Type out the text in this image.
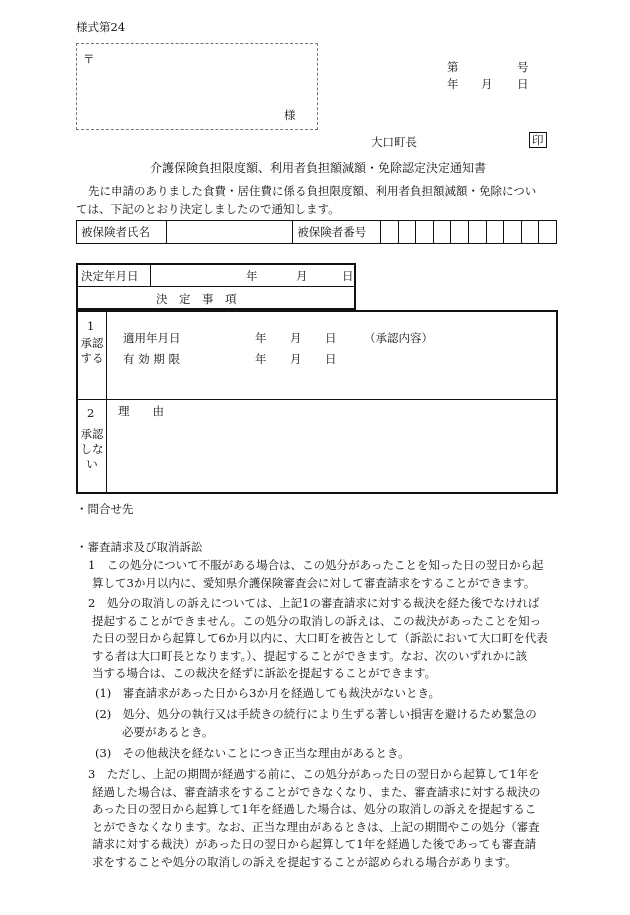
様式第24
〒
様
第	号
年 月 日
大口町長	印
介護保険負担限度額、利用者負担額減額・免除認定決定通知書
先に申請のありました食費・居住費に係る負担限度額、利用者負担額減額・免除につい
ては、下記のとおり決定しましたので通知します。
被保険者氏名		被保険者番号										
決定年月日	年	月	日
決　定　事　項
1
承認する
適用年月日	年 月 日 （承認内容）
有 効 期 限	年 月 日
2
承認しない
理　　由
・問合せ先
・審査請求及び取消訴訟
1　この処分について不服がある場合は、この処分があったことを知った日の翌日から起
算して3か月以内に、愛知県介護保険審査会に対して審査請求をすることができます。
2　処分の取消しの訴えについては、上記1の審査請求に対する裁決を経た後でなければ
提起することができません。この処分の取消しの訴えは、この裁決があったことを知っ
た日の翌日から起算して6か月以内に、大口町を被告として（訴訟において大口町を代表
する者は大口町長となります。）、提起することができます。なお、次のいずれかに該
当する場合は、この裁決を経ずに訴訟を提起することができます。
(1)　審査請求があった日から3か月を経過しても裁決がないとき。
(2)　処分、処分の執行又は手続きの続行により生ずる著しい損害を避けるため緊急の
必要があるとき。
(3)　その他裁決を経ないことにつき正当な理由があるとき。
3　ただし、上記の期間が経過する前に、この処分があった日の翌日から起算して1年を
経過した場合は、審査請求をすることができなくなり、また、審査請求に対する裁決の
あった日の翌日から起算して1年を経過した場合は、処分の取消しの訴えを提起するこ
とができなくなります。なお、正当な理由があるときは、上記の期間やこの処分（審査
請求に対する裁決）があった日の翌日から起算して1年を経過した後であっても審査請
求をすることや処分の取消しの訴えを提起することが認められる場合があります。
